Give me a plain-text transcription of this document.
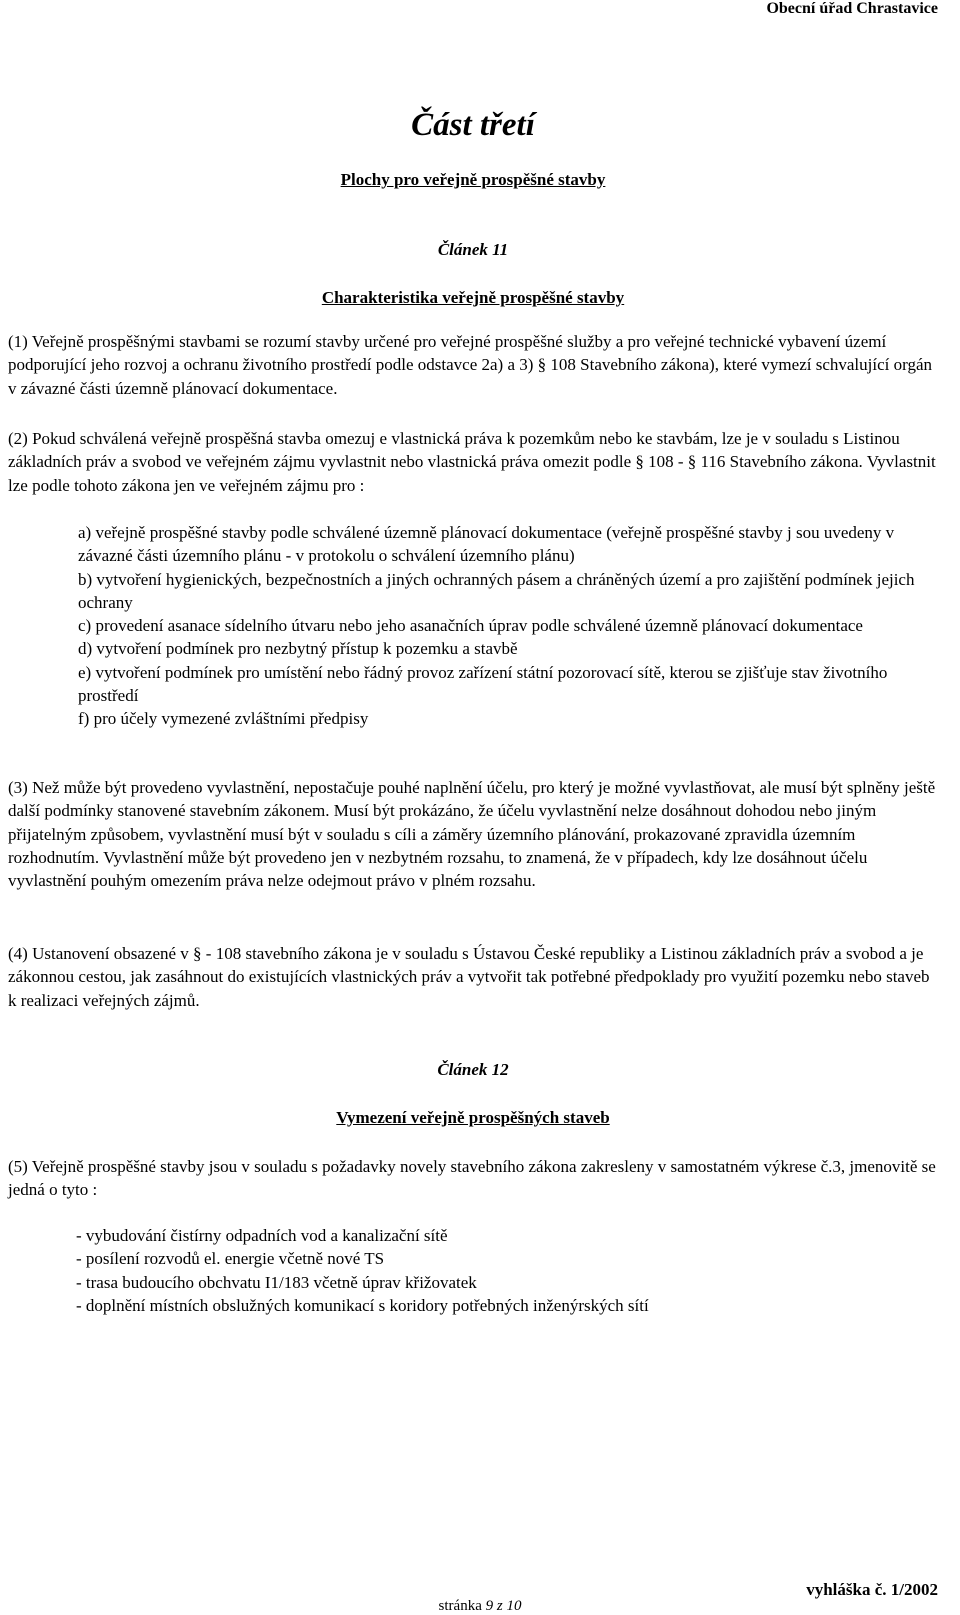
Obecní úřad Chrastavice
Část třetí
Plochy pro veřejně prospěšné stavby
Článek 11
Charakteristika veřejně prospěšné stavby

(1) Veřejně prospěšnými stavbami se rozumí stavby určené pro veřejné prospěšné služby a pro veřejné technické vybavení území podporující jeho rozvoj a ochranu životního prostředí podle odstavce 2a) a 3) § 108 Stavebního zákona), které vymezí schvalující orgán v závazné části územně plánovací dokumentace.

(2) Pokud schválená veřejně prospěšná stavba omezuj e vlastnická práva k pozemkům nebo ke stavbám, lze je v souladu s Listinou základních práv a svobod ve veřejném zájmu vyvlastnit nebo vlastnická práva omezit podle § 108 - § 116 Stavebního zákona. Vyvlastnit lze podle tohoto zákona jen ve veřejném zájmu pro :

a) veřejně prospěšné stavby podle schválené územně plánovací dokumentace (veřejně prospěšné stavby j sou uvedeny v závazné části územního plánu - v protokolu o schválení územního plánu)
b) vytvoření hygienických, bezpečnostních a jiných ochranných pásem a chráněných území a pro zajištění podmínek jejich ochrany
c) provedení asanace sídelního útvaru nebo jeho asanačních úprav podle schválené územně plánovací dokumentace
d) vytvoření podmínek pro nezbytný přístup k pozemku a stavbě
e) vytvoření podmínek pro umístění nebo řádný provoz zařízení státní pozorovací sítě, kterou se zjišťuje stav životního prostředí
f) pro účely vymezené zvláštními předpisy

(3) Než může být provedeno vyvlastnění, nepostačuje pouhé naplnění účelu, pro který je možné vyvlastňovat, ale musí být splněny ještě další podmínky stanovené stavebním zákonem. Musí být prokázáno, že účelu vyvlastnění nelze dosáhnout dohodou nebo jiným přijatelným způsobem, vyvlastnění musí být v souladu s cíli a záměry územního plánování, prokazované zpravidla územním rozhodnutím. Vyvlastnění může být provedeno jen v nezbytném rozsahu, to znamená, že v případech, kdy lze dosáhnout účelu vyvlastnění pouhým omezením práva nelze odejmout právo v plném rozsahu.

(4) Ustanovení obsazené v § - 108 stavebního zákona je v souladu s Ústavou České republiky a Listinou základních práv a svobod a je zákonnou cestou, jak zasáhnout do existujících vlastnických práv a vytvořit tak potřebné předpoklady pro využití pozemku nebo staveb k realizaci veřejných zájmů.

Článek 12
Vymezení veřejně prospěšných staveb

(5) Veřejně prospěšné stavby jsou v souladu s požadavky novely stavebního zákona zakresleny v samostatném výkrese č.3, jmenovitě se jedná o tyto :

- vybudování čistírny odpadních vod a kanalizační sítě
- posílení rozvodů el. energie včetně nové TS
- trasa budoucího obchvatu I1/183 včetně úprav křižovatek
- doplnění místních obslužných komunikací s koridory potřebných inženýrských sítí
vyhláška č. 1/2002
stránka 9 z 10
